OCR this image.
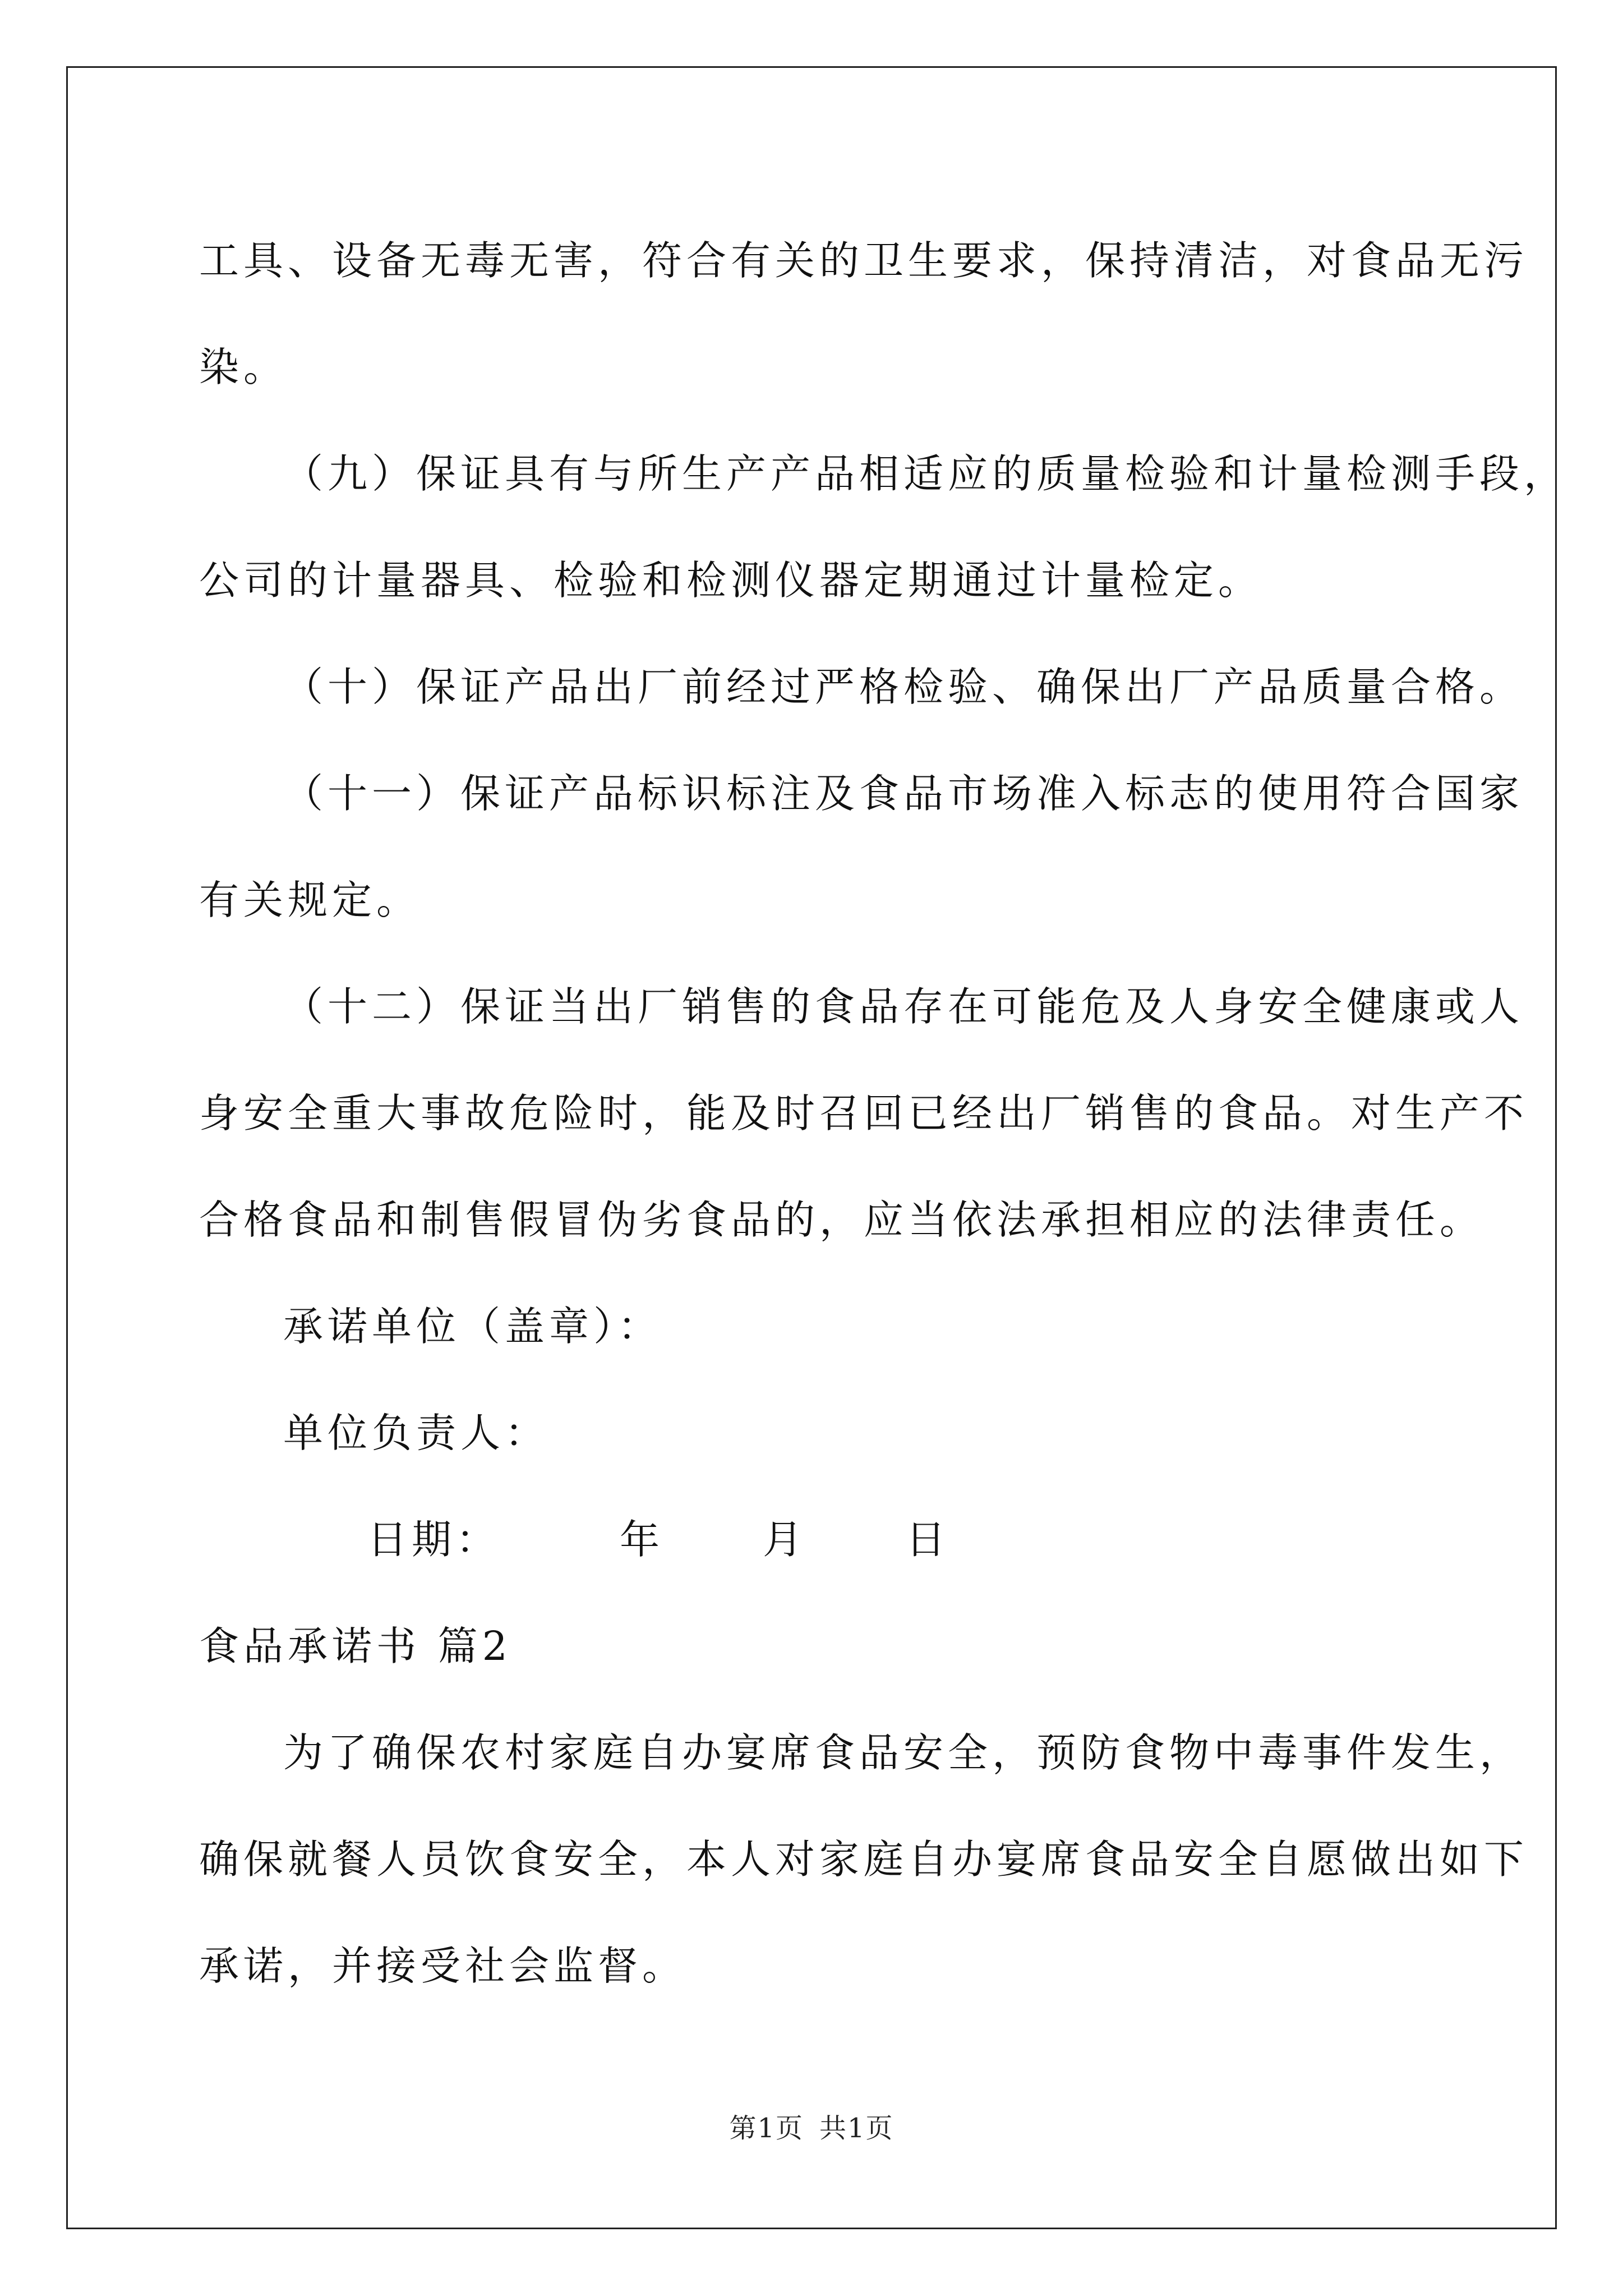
工具、设备无毒无害，符合有关的卫生要求，保持清洁，对食品无污

染。

（九）保证具有与所生产产品相适应的质量检验和计量检测手段，

公司的计量器具、检验和检测仪器定期通过计量检定。

（十）保证产品出厂前经过严格检验、确保出厂产品质量合格。

（十一）保证产品标识标注及食品市场准入标志的使用符合国家

有关规定。

（十二）保证当出厂销售的食品存在可能危及人身安全健康或人

身安全重大事故危险时，能及时召回已经出厂销售的食品。对生产不

合格食品和制售假冒伪劣食品的，应当依法承担相应的法律责任。

承诺单位（盖章）：

单位负责人：

日期：	年 月 日

食品承诺书 篇2

为了确保农村家庭自办宴席食品安全，预防食物中毒事件发生，

确保就餐人员饮食安全，本人对家庭自办宴席食品安全自愿做出如下

承诺，并接受社会监督。

第1页 共1页
